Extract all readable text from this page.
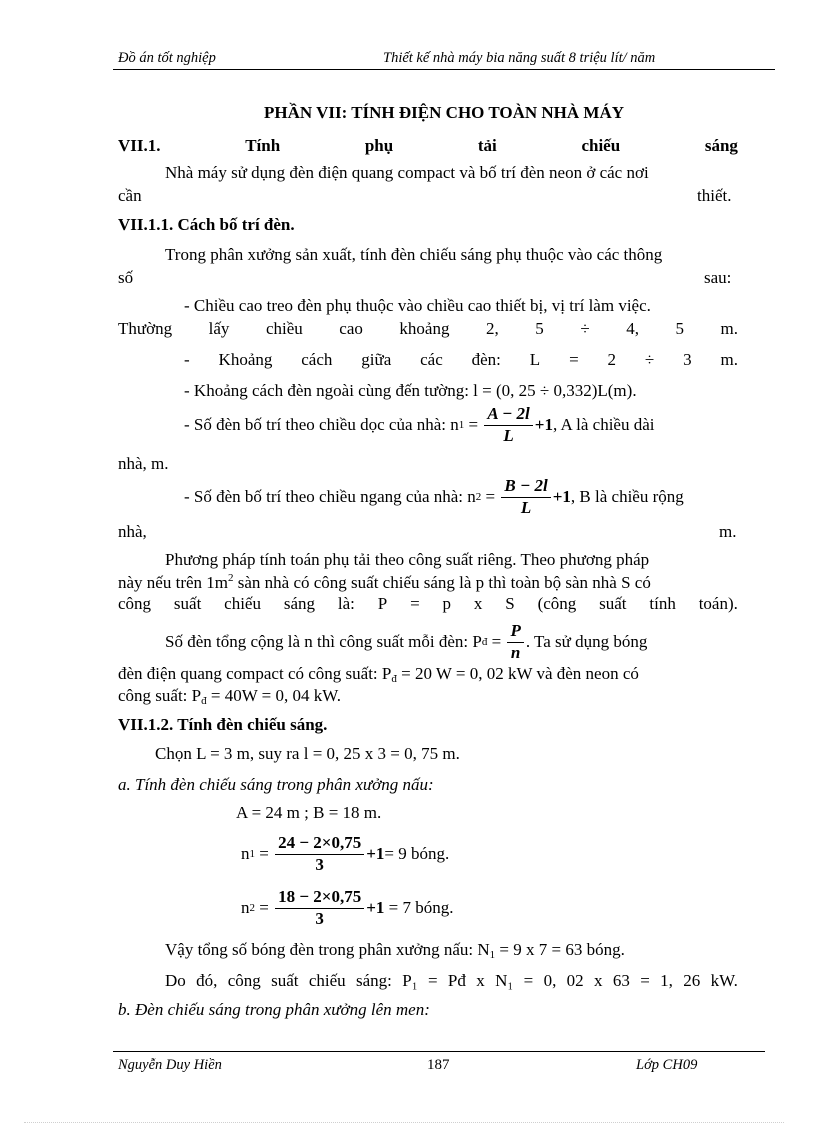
Đồ án tốt nghiệp	Thiết kế nhà máy bia năng suất 8 triệu lít/ năm
PHẦN VII: TÍNH ĐIỆN CHO TOÀN NHÀ MÁY
VII.1.	Tính	phụ	tải	chiếu	sáng
Nhà máy sử dụng đèn điện quang compact và bố trí đèn neon ở các nơi
cần	thiết.
VII.1.1. Cách bố trí đèn.
Trong phân xưởng sản xuất, tính đèn chiếu sáng phụ thuộc vào các thông
số	sau:
- Chiều cao treo đèn phụ thuộc vào chiều cao thiết bị, vị trí làm việc.
Thường lấy chiều cao khoảng 2, 5 ÷ 4, 5 m.
- Khoảng cách giữa các đèn: L = 2 ÷ 3 m.
- Khoảng cách đèn ngoài cùng đến tường: l = (0, 25 ÷ 0,332)L(m).
- Số đèn bố trí theo chiều dọc của nhà: n $1 = \frac{A - 2l}{L} +1$ , A là chiều dài
nhà, m.
- Số đèn bố trí theo chiều ngang của nhà: n $2 = \frac{B - 2l}{L} +1$ , B là chiều rộng
nhà,	m.
Phương pháp tính toán phụ tải theo công suất riêng. Theo phương pháp
này nếu trên $1m^2$ sàn nhà có công suất chiếu sáng là p thì toàn bộ sàn nhà S có
công suất chiếu sáng là: P = p x S (công suất tính toán).
Số đèn tổng cộng là n thì công suất mỗi đèn: P đ = $\frac{P}{n}$ . Ta sử dụng bóng
đèn điện quang compact có công suất: $P_đ = 20$ W = 0, 02 kW và đèn neon có
công suất: $P_đ = 40W = 0$, 04 kW.
VII.1.2. Tính đèn chiếu sáng.
Chọn L = 3 m, suy ra l = 0, 25 x 3 = 0, 75 m.
a. Tính đèn chiếu sáng trong phân xưởng nấu:
A = 24 m ; B = 18 m.
n $1 = \frac{24 - 2\times 0,75}{3} +1 = 9$ bóng.
n $2 = \frac{18 - 2\times 0,75}{3} +1 = 7$ bóng.
Vậy tổng số bóng đèn trong phân xưởng nấu: $N_1 = 9$ x 7 = 63 bóng.
Do đó, công suất chiếu sáng: P₁ = Pđ x N₁ = 0, 02 x 63 = 1, 26 kW.
b. Đèn chiếu sáng trong phân xưởng lên men:
Nguyễn Duy Hiền	187	Lớp CH09
